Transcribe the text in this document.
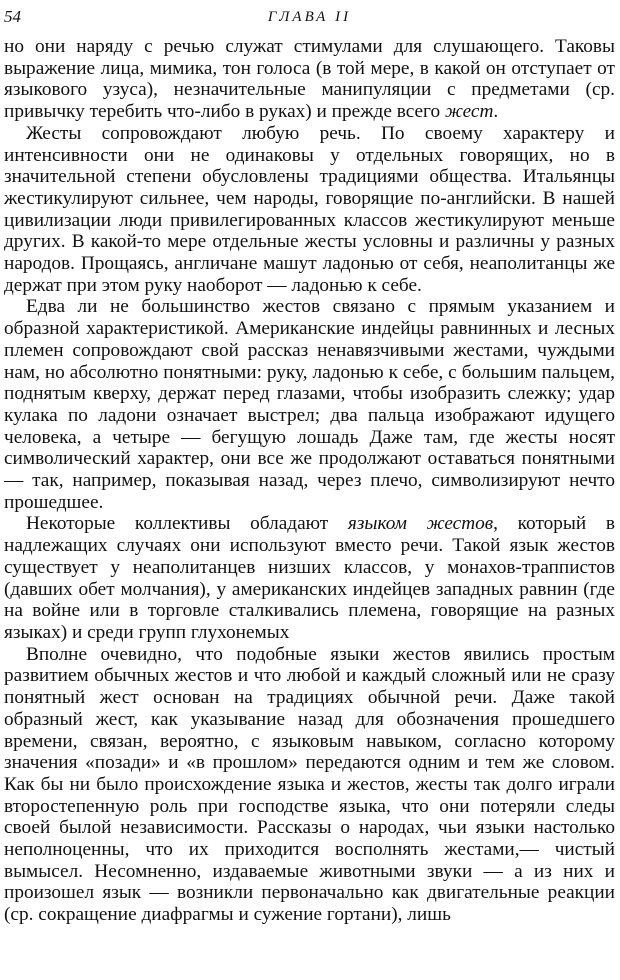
54	ГЛАВА II

но они наряду с речью служат стимулами для слушающего. Таковы выражение лица, мимика, тон голоса (в той мере, в какой он отступает от языкового узуса), незначительные манипуляции с предметами (ср. привычку теребить что-либо в руках) и прежде всего жест.

Жесты сопровождают любую речь. По своему характеру и интенсивности они не одинаковы у отдельных говорящих, но в значительной степени обусловлены традициями общества. Итальянцы жестикулируют сильнее, чем народы, говорящие по-английски. В нашей цивилизации люди привилегированных классов жестикулируют меньше других. В какой-то мере отдельные жесты условны и различны у разных народов. Прощаясь, англичане машут ладонью от себя, неаполитанцы же держат при этом руку наоборот — ладонью к себе.

Едва ли не большинство жестов связано с прямым указанием и образной характеристикой. Американские индейцы равнинных и лесных племен сопровождают свой рассказ ненавязчивыми жестами, чуждыми нам, но абсолютно понятными: руку, ладонью к себе, с большим пальцем, поднятым кверху, держат перед глазами, чтобы изобразить слежку; удар кулака по ладони означает выстрел; два пальца изображают идущего человека, а четыре — бегущую лошадь Даже там, где жесты носят символический характер, они все же продолжают оставаться понятными — так, например, показывая назад, через плечо, символизируют нечто прошедшее.

Некоторые коллективы обладают языком жестов, который в надлежащих случаях они используют вместо речи. Такой язык жестов существует у неаполитанцев низших классов, у монахов-траппистов (давших обет молчания), у американских индейцев западных равнин (где на войне или в торговле сталкивались племена, говорящие на разных языках) и среди групп глухонемых

Вполне очевидно, что подобные языки жестов явились простым развитием обычных жестов и что любой и каждый сложный или не сразу понятный жест основан на традициях обычной речи. Даже такой образный жест, как указывание назад для обозначения прошедшего времени, связан, вероятно, с языковым навыком, согласно которому значения «позади» и «в прошлом» передаются одним и тем же словом. Как бы ни было происхождение языка и жестов, жесты так долго играли второстепенную роль при господстве языка, что они потеряли следы своей былой независимости. Рассказы о народах, чьи языки настолько неполноценны, что их приходится восполнять жестами,— чистый вымысел. Несомненно, издаваемые животными звуки — а из них и произошел язык — возникли первоначально как двигательные реакции (ср. сокращение диафрагмы и сужение гортани), лишь
